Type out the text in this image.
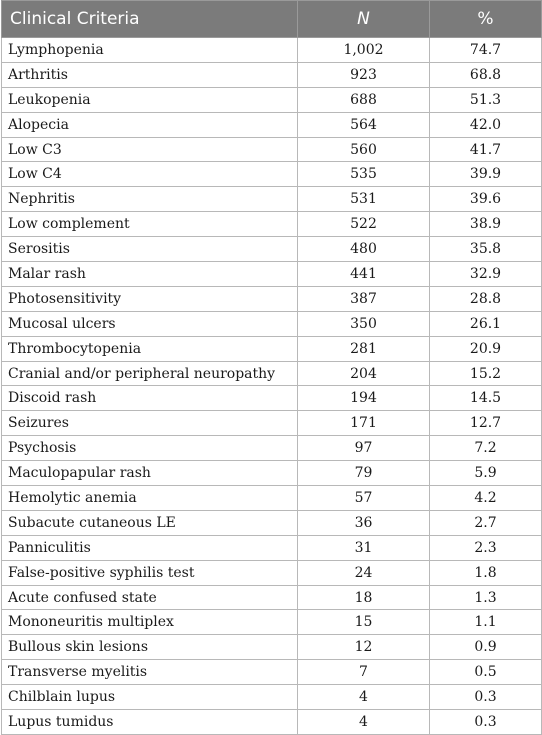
Clinical Criteria	N	%
Lymphopenia	1,002	74.7
Arthritis	923	68.8
Leukopenia	688	51.3
Alopecia	564	42.0
Low C3	560	41.7
Low C4	535	39.9
Nephritis	531	39.6
Low complement	522	38.9
Serositis	480	35.8
Malar rash	441	32.9
Photosensitivity	387	28.8
Mucosal ulcers	350	26.1
Thrombocytopenia	281	20.9
Cranial and/or peripheral neuropathy	204	15.2
Discoid rash	194	14.5
Seizures	171	12.7
Psychosis	97	7.2
Maculopapular rash	79	5.9
Hemolytic anemia	57	4.2
Subacute cutaneous LE	36	2.7
Panniculitis	31	2.3
False-positive syphilis test	24	1.8
Acute confused state	18	1.3
Mononeuritis multiplex	15	1.1
Bullous skin lesions	12	0.9
Transverse myelitis	7	0.5
Chilblain lupus	4	0.3
Lupus tumidus	4	0.3
